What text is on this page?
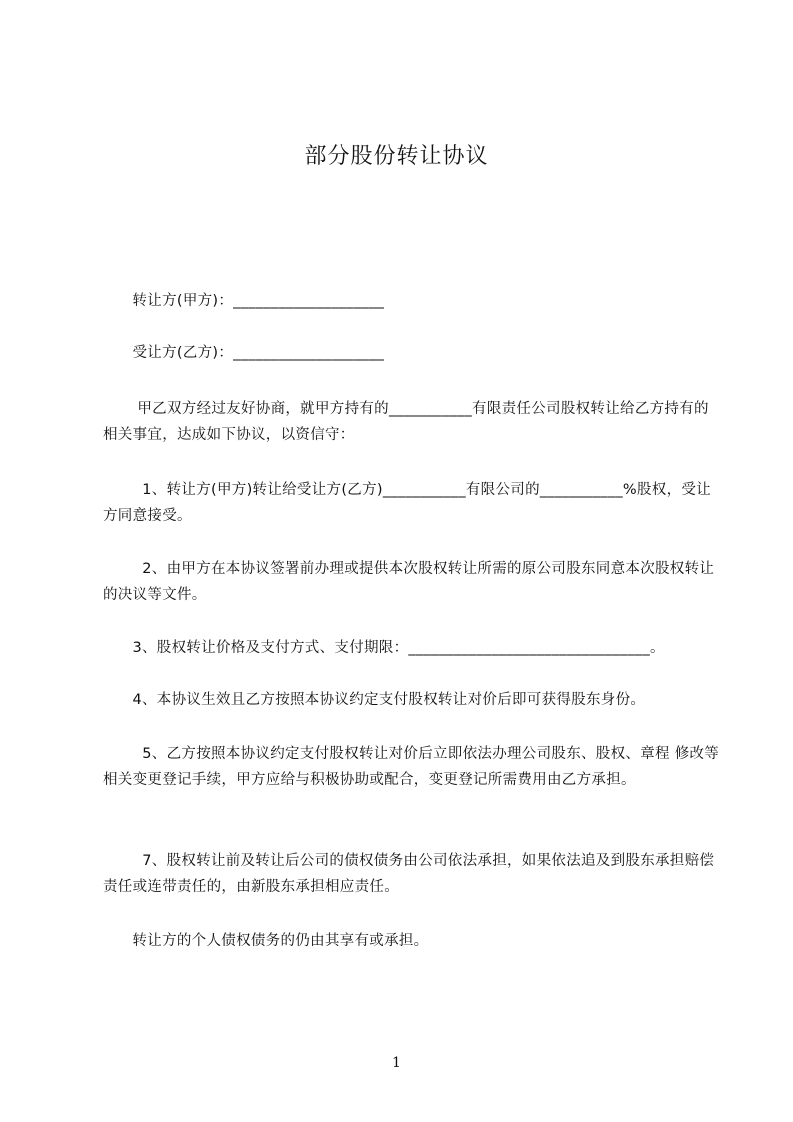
部分股份转让协议

转让方(甲方)：____________________

受让方(乙方)：____________________

甲乙双方经过友好协商，就甲方持有的___________有限责任公司股权转让给乙方持有的相关事宜，达成如下协议，以资信守：

1、转让方(甲方)转让给受让方(乙方)___________有限公司的___________%股权，受让方同意接受。

2、由甲方在本协议签署前办理或提供本次股权转让所需的原公司股东同意本次股权转让的决议等文件。

3、股权转让价格及支付方式、支付期限：________________________________。

4、本协议生效且乙方按照本协议约定支付股权转让对价后即可获得股东身份。

5、乙方按照本协议约定支付股权转让对价后立即依法办理公司股东、股权、章程 修改等相关变更登记手续，甲方应给与积极协助或配合，变更登记所需费用由乙方承担。

7、股权转让前及转让后公司的债权债务由公司依法承担，如果依法追及到股东承担赔偿责任或连带责任的，由新股东承担相应责任。

转让方的个人债权债务的仍由其享有或承担。

1
